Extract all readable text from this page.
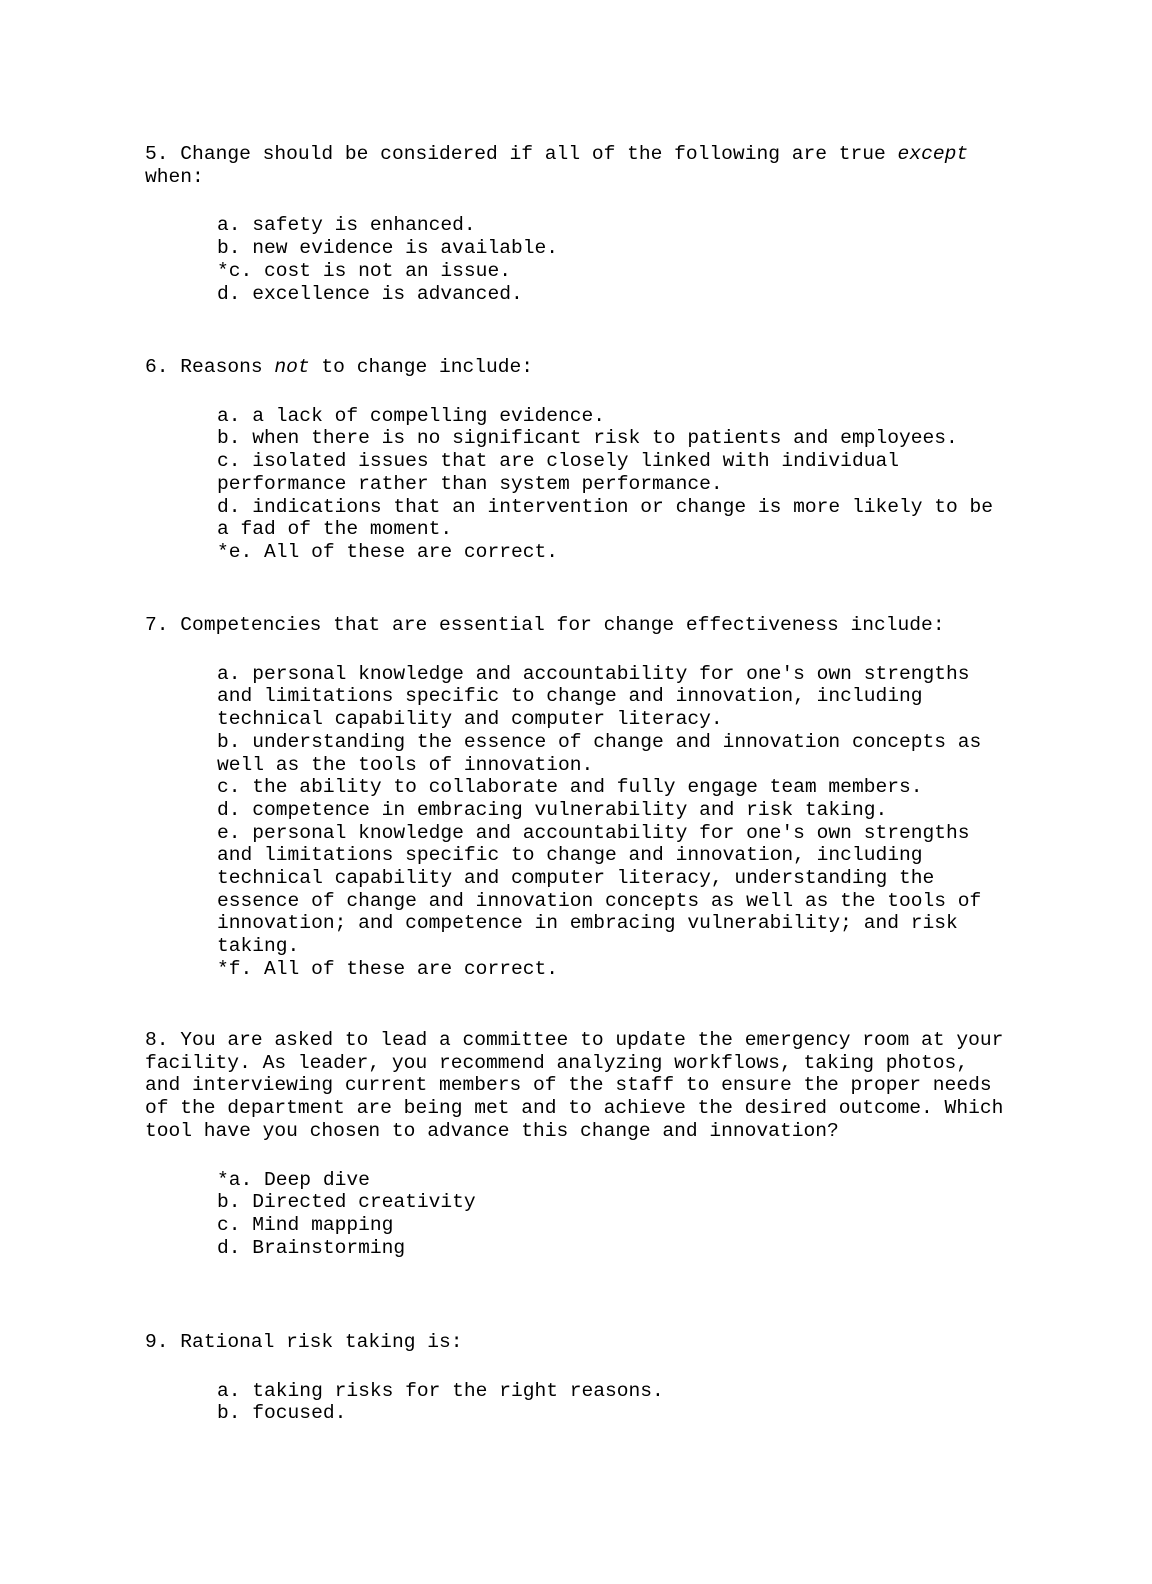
5. Change should be considered if all of the following are true except when:

a. safety is enhanced.
b. new evidence is available.
*c. cost is not an issue.
d. excellence is advanced.

6. Reasons not to change include:

a. a lack of compelling evidence.
b. when there is no significant risk to patients and employees.
c. isolated issues that are closely linked with individual performance rather than system performance.
d. indications that an intervention or change is more likely to be a fad of the moment.
*e. All of these are correct.

7. Competencies that are essential for change effectiveness include:

a. personal knowledge and accountability for one's own strengths and limitations specific to change and innovation, including technical capability and computer literacy.
b. understanding the essence of change and innovation concepts as well as the tools of innovation.
c. the ability to collaborate and fully engage team members.
d. competence in embracing vulnerability and risk taking.
e. personal knowledge and accountability for one's own strengths and limitations specific to change and innovation, including technical capability and computer literacy, understanding the essence of change and innovation concepts as well as the tools of innovation; and competence in embracing vulnerability; and risk taking.
*f. All of these are correct.

8. You are asked to lead a committee to update the emergency room at your facility. As leader, you recommend analyzing workflows, taking photos, and interviewing current members of the staff to ensure the proper needs of the department are being met and to achieve the desired outcome. Which tool have you chosen to advance this change and innovation?

*a. Deep dive
b. Directed creativity
c. Mind mapping
d. Brainstorming

9. Rational risk taking is:

a. taking risks for the right reasons.
b. focused.
